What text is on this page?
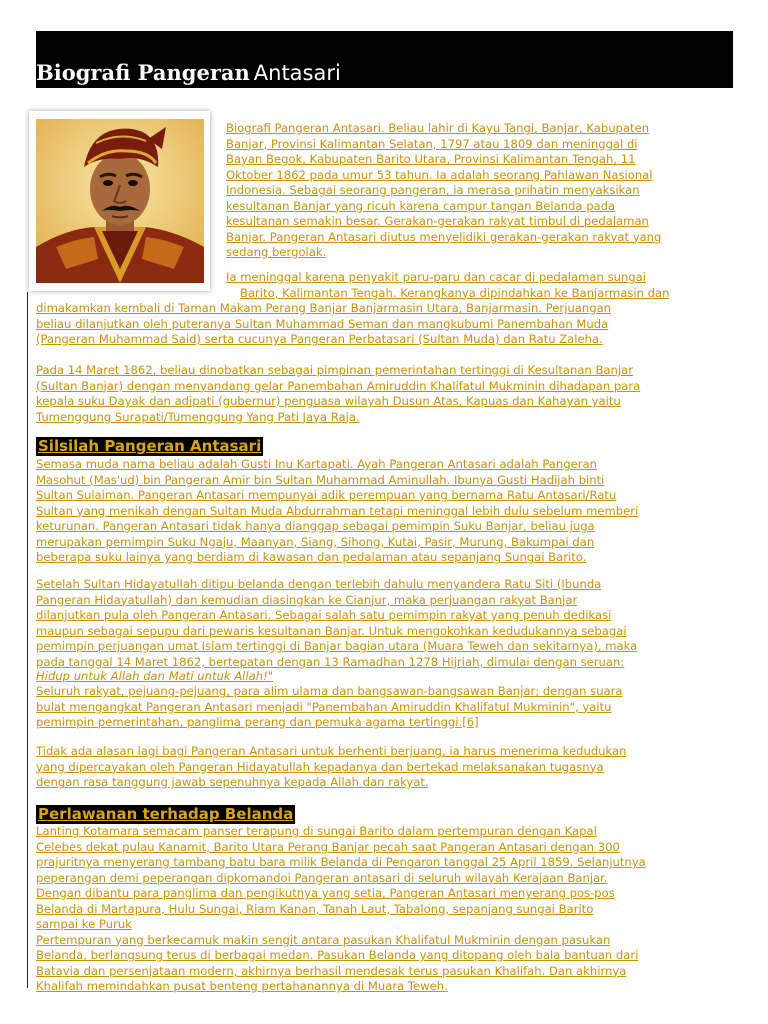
Biografi Pangeran Antasari
Biografi Pangeran Antasari. Beliau lahir di Kayu Tangi, Banjar, Kabupaten
Banjar, Provinsi Kalimantan Selatan, 1797 atau 1809 dan meninggal di
Bayan Begok, Kabupaten Barito Utara, Provinsi Kalimantan Tengah, 11
Oktober 1862 pada umur 53 tahun. Ia adalah seorang Pahlawan Nasional
Indonesia. Sebagai seorang pangeran, ia merasa prihatin menyaksikan
kesultanan Banjar yang ricuh karena campur tangan Belanda pada
kesultanan semakin besar. Gerakan-gerakan rakyat timbul di pedalaman
Banjar. Pangeran Antasari diutus menyelidiki gerakan-gerakan rakyat yang
sedang bergolak.
Ia meninggal karena penyakit paru-paru dan cacar di pedalaman sungai
Barito, Kalimantan Tengah. Kerangkanya dipindahkan ke Banjarmasin dan
dimakamkan kembali di Taman Makam Perang Banjar Banjarmasin Utara, Banjarmasin. Perjuangan
beliau dilanjutkan oleh puteranya Sultan Muhammad Seman dan mangkubumi Panembahan Muda
(Pangeran Muhammad Said) serta cucunya Pangeran Perbatasari (Sultan Muda) dan Ratu Zaleha.
Pada 14 Maret 1862, beliau dinobatkan sebagai pimpinan pemerintahan tertinggi di Kesultanan Banjar
(Sultan Banjar) dengan menyandang gelar Panembahan Amiruddin Khalifatul Mukminin dihadapan para
kepala suku Dayak dan adipati (gubernur) penguasa wilayah Dusun Atas, Kapuas dan Kahayan yaitu
Tumenggung Surapati/Tumenggung Yang Pati Jaya Raja.
Silsilah Pangeran Antasari
Semasa muda nama beliau adalah Gusti Inu Kartapati. Ayah Pangeran Antasari adalah Pangeran
Masohut (Mas'ud) bin Pangeran Amir bin Sultan Muhammad Aminullah. Ibunya Gusti Hadijah binti
Sultan Sulaiman. Pangeran Antasari mempunyai adik perempuan yang bernama Ratu Antasari/Ratu
Sultan yang menikah dengan Sultan Muda Abdurrahman tetapi meninggal lebih dulu sebelum memberi
keturunan. Pangeran Antasari tidak hanya dianggap sebagai pemimpin Suku Banjar, beliau juga
merupakan pemimpin Suku Ngaju, Maanyan, Siang, Sihong, Kutai, Pasir, Murung, Bakumpai dan
beberapa suku lainya yang berdiam di kawasan dan pedalaman atau sepanjang Sungai Barito.
Setelah Sultan Hidayatullah ditipu belanda dengan terlebih dahulu menyandera Ratu Siti (Ibunda
Pangeran Hidayatullah) dan kemudian diasingkan ke Cianjur, maka perjuangan rakyat Banjar
dilanjutkan pula oleh Pangeran Antasari. Sebagai salah satu pemimpin rakyat yang penuh dedikasi
maupun sebagai sepupu dari pewaris kesultanan Banjar. Untuk mengokohkan kedudukannya sebagai
pemimpin perjuangan umat Islam tertinggi di Banjar bagian utara (Muara Teweh dan sekitarnya), maka
pada tanggal 14 Maret 1862, bertepatan dengan 13 Ramadhan 1278 Hijriah, dimulai dengan seruan:
Hidup untuk Allah dan Mati untuk Allah!"
Seluruh rakyat, pejuang-pejuang, para alim ulama dan bangsawan-bangsawan Banjar; dengan suara
bulat mengangkat Pangeran Antasari menjadi "Panembahan Amiruddin Khalifatul Mukminin", yaitu
pemimpin pemerintahan, panglima perang dan pemuka agama tertinggi.[6]
Tidak ada alasan lagi bagi Pangeran Antasari untuk berhenti berjuang, ia harus menerima kedudukan
yang dipercayakan oleh Pangeran Hidayatullah kepadanya dan bertekad melaksanakan tugasnya
dengan rasa tanggung jawab sepenuhnya kepada Allah dan rakyat.
Perlawanan terhadap Belanda
Lanting Kotamara semacam panser terapung di sungai Barito dalam pertempuran dengan Kapal
Celebes dekat pulau Kanamit, Barito Utara Perang Banjar pecah saat Pangeran Antasari dengan 300
prajuritnya menyerang tambang batu bara milik Belanda di Pengaron tanggal 25 April 1859. Selanjutnya
peperangan demi peperangan dipkomandoi Pangeran antasari di seluruh wilayah Kerajaan Banjar.
Dengan dibantu para panglima dan pengikutnya yang setia, Pangeran Antasari menyerang pos-pos
Belanda di Martapura, Hulu Sungai, Riam Kanan, Tanah Laut, Tabalong, sepanjang sungai Barito
sampai ke Puruk
Pertempuran yang berkecamuk makin sengit antara pasukan Khalifatul Mukminin dengan pasukan
Belanda, berlangsung terus di berbagai medan. Pasukan Belanda yang ditopang oleh bala bantuan dari
Batavia dan persenjataan modern, akhirnya berhasil mendesak terus pasukan Khalifah. Dan akhirnya
Khalifah memindahkan pusat benteng pertahanannya di Muara Teweh.
